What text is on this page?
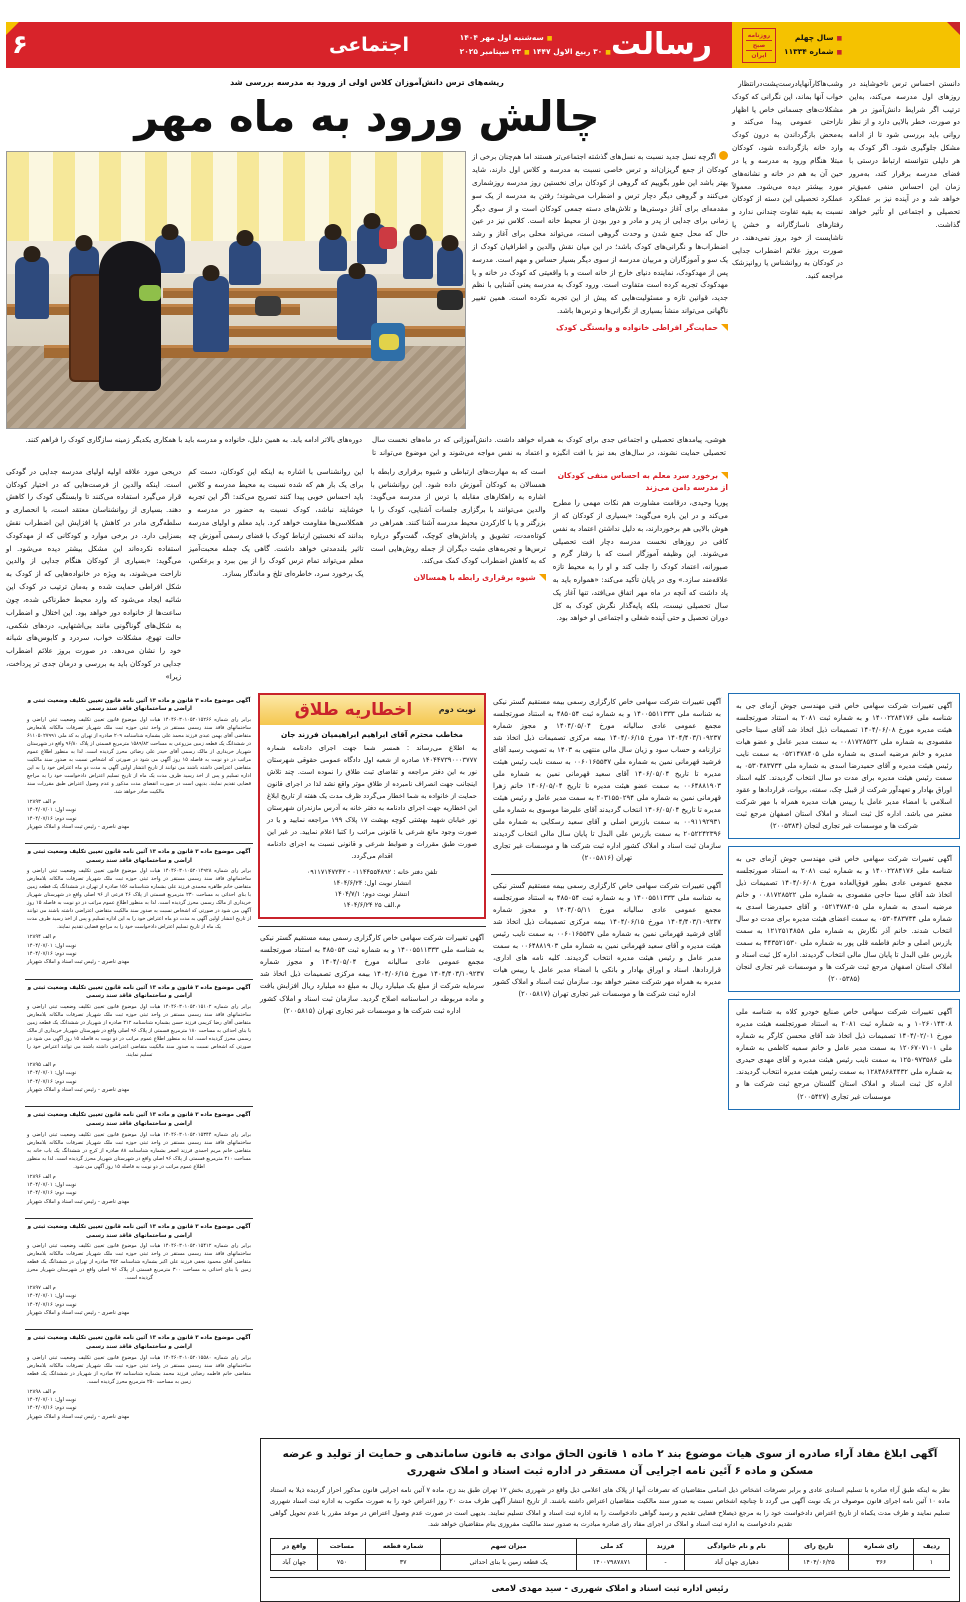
■سال چهلم
■شماره ۱۱۳۳۴
روزنامه
صبح
ایران
رسالت
اجتماعی	■سه‌شنبه اول مهر ۱۴۰۴
■۳۰ ربیع الاول ۱۴۴۷ ■۲۳ سپتامبر ۲۰۲۵
۶
دانستن احساس ترس ناخوشایند در روزهای اول مدرسه می‌کند، به‌این ترتیب اگر شرایط دانش‌آموز در هر دو صورت، خطر بالایی دارد و از نظر روانی باید بررسی شود تا از ادامه مشکل جلوگیری شود. اگر کودک به هر دلیلی نتوانسته ارتباط درستی با فضای مدرسه برقرار کند، به‌مرور زمان این احساس منفی عمیق‌تر خواهد شد و در آینده نیز بر عملکرد تحصیلی و اجتماعی او تأثیر خواهد گذاشت.
وشب‌هاکارآنهایادرست‌پشت‌درانتظار خواب آنها بماند، این نگرانی که کودک مشکلات‌های جسمانی خاص یا اظهار ناراحتی عمومی پیدا می‌کند و به‌محض بازگرداندن به درون کودک وارد خانه بازگردانده شود، کودکان مبتلا هنگام ورود به مدرسه و یا در حین آن به هم در خانه و نشانه‌های مورد بیشتر دیده می‌شود. معمولاً عملکرد تحصیلی این دسته از کودکان نسبت به بقیه تفاوت چندانی ندارد و رفتارهای ناسازگارانه و خشن یا ناشایست از خود بروز نمی‌دهند. در صورت بروز علائم اضطراب جدایی در کودکان به روانشناس یا روانپزشک مراجعه کنید.
ریشه‌های ترس دانش‌آموزان کلاس اولی از ورود به مدرسه بررسی شد
چالش ورود به ماه مهر
اگرچه نسل جدید نسبت به نسل‌های گذشته اجتماعی‌تر هستند اما هم‌چنان برخی از کودکان از جمع گریزان‌اند و ترس خاصی نسبت به مدرسه و کلاس اول دارند، شاید بهتر باشد این طور بگوییم که گروهی از کودکان برای نخستین روز مدرسه روزشماری می‌کنند و گروهی دیگر دچار ترس و اضطراب می‌شوند؛ رفتن به مدرسه از یک سو مقدمه‌ای برای آغاز دوستی‌ها و تلاش‌های دسته جمعی کودکان است و از سوی دیگر زمانی برای جدایی از پدر و مادر و دور بودن از محیط خانه است. کلاس نیز در عین حال که محل جمع شدن و وحدت گروهی است، می‌تواند محلی برای آغاز و رشد اضطراب‌ها و نگرانی‌های کودک باشد؛ در این میان نقش والدین و اطرافیان کودک از یک سو و آموزگاران و مربیان مدرسه از سوی دیگر بسیار حساس و مهم است. مدرسه پس از مهدکودک، نماینده دنیای خارج از خانه است و با واقعیتی که کودک در خانه و یا مهدکودک تجربه کرده است متفاوت است. ورود کودک به مدرسه یعنی آشنایی با نظم جدید، قوانین تازه و مسئولیت‌هایی که پیش از این تجربه نکرده است. همین تغییر ناگهانی می‌تواند منشأ بسیاری از نگرانی‌ها و ترس‌ها باشد.
حمایت‌گر افراطی خانواده و وابستگی کودک
هوشی، پیامدهای تحصیلی و اجتماعی جدی برای کودک به همراه خواهد داشت. دانش‌آموزانی که در ماه‌های نخست سال تحصیلی حمایت نشوند، در سال‌های بعد نیز با افت انگیزه و اعتماد به نفس مواجه می‌شوند و این موضوع می‌تواند تا دوره‌های بالاتر ادامه یابد. به همین دلیل، خانواده و مدرسه باید با همکاری یکدیگر زمینه سازگاری کودک را فراهم کنند.
برخورد سرد معلم به احساس منفی کودکان از مدرسه دامن می‌زند
پوریا وحیدی، درقامت مشاورت هم نکات مهمی را مطرح می‌کند و در این باره می‌گوید: «بسیاری از کودکان که از هوش بالایی هم برخوردارند، به دلیل نداشتن اعتماد به نفس کافی در روزهای نخست مدرسه دچار افت تحصیلی می‌شوند. این وظیفه آموزگار است که با رفتار گرم و صبورانه، اعتماد کودک را جلب کند و او را به محیط تازه علاقه‌مند سازد.» وی در پایان تأکید می‌کند: «همواره باید به یاد داشت که آنچه در ماه مهر اتفاق می‌افتد، تنها آغاز یک سال تحصیلی نیست، بلکه پایه‌گذار نگرش کودک به کل دوران تحصیل و حتی آینده شغلی و اجتماعی او خواهد بود.
است که به مهارت‌های ارتباطی و شیوه برقراری رابطه با همسالان به کودکان آموزش داده شود. این روانشناس با اشاره به راهکارهای مقابله با ترس از مدرسه می‌گوید: والدین می‌توانند با برگزاری جلسات آشنایی، کودک را با بزرگتر و یا با کارکردن محیط مدرسه آشنا کنند. همراهی در کوتاه‌مدت، تشویق و پاداش‌های کوچک، گفت‌وگو درباره ترس‌ها و تجربه‌های مثبت دیگران از جمله روش‌هایی است که به کاهش اضطراب کودک کمک می‌کند.
شیوه برقراری رابطه با همسالان
این روانشناسی با اشاره به اینکه این کودکان، دست کم برای یک بار هم که شده نسبت به محیط مدرسه و کلاس باید احساس خوبی پیدا کنند تصریح می‌کند: اگر این تجربه خوشایند نباشد، کودک نسبت به حضور در مدرسه و همکلاسی‌ها مقاومت خواهد کرد. باید معلم و اولیای مدرسه بدانند که نخستین ارتباط کودک با فضای رسمی آموزش چه تاثیر بلندمدتی خواهد داشت. گاهی یک جمله محبت‌آمیز معلم می‌تواند تمام ترس کودک را از بین ببرد و برعکس، یک برخورد سرد، خاطره‌ای تلخ و ماندگار بسازد.
دریحی مورد علاقه اولیه اولیای مدرسه جدایی در گودکی است. اینکه والدین از فرصت‌هایی که در اختیار کودکان قرار می‌گیرد استفاده می‌کنند تا وابستگی کودک را کاهش دهند. بسیاری از روانشناسان معتقد است، با انحصاری و سلطه‌گری مادر در کاهش یا افزایش این اضطراب نقش بسزایی دارد. در برخی موارد و کودکانی که از مهدکودک استفاده نکرده‌اند این مشکل بیشتر دیده می‌شود. او می‌گوید: «بسیاری از کودکان هنگام جدایی از والدین ناراحت می‌شوند، به ویژه در خانواده‌هایی که از کودک به شکل افراطی حمایت شده و به‌مان ترتیب در کودک این شائبه ایجاد می‌شود که وارد محیط خطرناکی شده، چون ساعت‌ها از خانواده دور خواهد بود. این اختلال و اضطراب به شکل‌های گوناگونی مانند بی‌اشتهایی، دردهای شکمی، حالت تهوع، مشکلات خواب، سردرد و کابوس‌های شبانه خود را نشان می‌دهد. در صورت بروز علائم اضطراب جدایی در کودکان باید به بررسی و درمان جدی تر پرداخت، زیرا»
آگهی تغییرات شرکت سهامی خاص فنی مهندسی جوش آزمای جی به شناسه ملی ۱۴۰۰۲۲۸۴۱۷۶ و به شماره ثبت ۲۰۸۱ به استناد صورتجلسه هیئت مدیره مورخ ۱۴۰۴/۰۶/۰۸ تصمیمات ذیل اتخاذ شد آقای سینا حاجی مقصودی به شماره ملی ۰۰۸۱۷۲۸۵۲۲ به سمت مدیر عامل و عضو هیات مدیره و خانم مرضیه اسدی به شماره ملی ۰۵۲۱۴۷۸۴۰۵ به سمت نایب رئیس هیئت مدیره و آقای حمیدرضا اسدی به شماره ملی ۰۵۳۰۴۸۳۷۳۴ به سمت رئیس هیئت مدیره برای مدت دو سال انتخاب گردیدند. کلیه اسناد اوراق بهادار و تعهدآور شرکت از قبیل چک، سفته، بروات، قراردادها و عقود اسلامی با امضاء مدیر عامل یا رییس هیات مدیره همراه با مهر شرکت معتبر می باشد. اداره کل ثبت اسناد و املاک استان اصفهان مرجع ثبت شرکت ها و موسسات غیر تجاری لنجان (۲۰۰۵۳۸۴)
آگهی تغییرات شرکت سهامی خاص فنی مهندسی جوش آزمای جی به شناسه ملی ۱۴۰۰۲۲۸۴۱۷۶ و به شماره ثبت ۲۰۸۱ به استناد صورتجلسه مجمع عمومی عادی بطور فوق‌العاده مورخ ۱۴۰۴/۰۶/۰۸ تصمیمات ذیل اتخاذ شد آقای سینا حاجی مقصودی به شماره ملی ۰۰۸۱۷۲۸۵۲۲ و خانم مرضیه اسدی به شماره ملی ۰۵۲۱۴۷۸۴۰۵ و آقای حمیدرضا اسدی به شماره ملی ۰۵۳۰۴۸۳۷۳۴ به سمت اعضای هیئت مدیره برای مدت دو سال انتخاب شدند. خانم آذر نگارش به شماره ملی ۱۲۱۲۵۱۴۸۵۸ به سمت بازرس اصلی و خانم فاطمه قلی پور به شماره ملی ۴۴۳۵۲۱۵۳۰ به سمت بازرس علی البدل تا پایان سال مالی انتخاب گردیدند. اداره کل ثبت اسناد و املاک استان اصفهان مرجع ثبت شرکت ها و موسسات غیر تجاری لنجان (۲۰۰۵۳۸۵)
آگهی تغییرات شرکت سهامی خاص صنایع خودرو کلاه به شناسه ملی ۱۰۲۶۰۱۴۳۰۸ و به شماره ثبت ۲۰۸۱ به استناد صورتجلسه هیئت مدیره مورخ ۱۴۰۴/۰۲/۰۱ تصمیمات ذیل اتخاذ شد آقای محسن کارگر به شماره ملی ۱۲۰۶۷۰۷۱۰۱ به سمت مدیر عامل و خانم سمیه کاظمی به شماره ملی ۱۲۵۰۹۷۳۵۸۶ به سمت نایب رئیس هیئت مدیره و آقای مهدی حیدری به شماره ملی ۱۲۸۴۸۶۸۴۴۳۲ به سمت رئیس هیئت مدیره انتخاب گردیدند. اداره کل ثبت اسناد و املاک استان گلستان مرجع ثبت شرکت ها و موسسات غیر تجاری (۲۰۰۵۴۲۷)
آگهی تغییرات شرکت سهامی خاص کارگزاری رسمی بیمه مستقیم گستر نیکی به شناسه ملی ۱۴۰۰۵۵۱۱۳۳۳ و به شماره ثبت ۴۸۵۰۵۴ به استناد صورتجلسه مجمع عمومی عادی سالیانه مورخ ۱۴۰۴/۰۵/۰۴ و مجوز شماره ۱۴۰۴/۴۰۳/۱۰۹۲۳۷ مورخ ۱۴۰۴/۰۶/۱۵ بیمه مرکزی تصمیمات ذیل اتخاذ شد ترازنامه و حساب سود و زیان سال مالی منتهی به ۱۴۰۳ به تصویب رسید آقای فرشید قهرمانی نمین به شماره ملی ۰۰۶۰۱۶۵۵۳۷ به سمت نایب رئیس هیئت مدیره تا تاریخ ۱۴۰۶/۰۵/۰۴ آقای سعید قهرمانی نمین به شماره ملی ۰۰۶۴۸۸۱۹۰۳ به سمت عضو هیئت مدیره تا تاریخ ۱۴۰۶/۰۵/۰۴ خانم زهرا قهرمانی نمین به شماره ملی ۲۰۳۱۵۵۰۲۹۴ به سمت مدیر عامل و رئیس هیئت مدیره تا تاریخ ۱۴۰۶/۰۵/۰۴ انتخاب گردیدند آقای علیرضا موسوی به شماره ملی ۰۰۹۱۱۹۲۹۳۱ به سمت بازرس اصلی و آقای سعید رسکایی به شماره ملی ۲۰۵۲۲۴۲۳۹۶ به سمت بازرس علی البدل تا پایان سال مالی انتخاب گردیدند سازمان ثبت اسناد و املاک کشور اداره ثبت شرکت ها و موسسات غیر تجاری تهران (۲۰۰۵۸۱۶)
آگهی تغییرات شرکت سهامی خاص کارگزاری رسمی بیمه مستقیم گستر نیکی به شناسه ملی ۱۴۰۰۵۵۱۱۳۳۳ و به شماره ثبت ۴۸۵۰۵۴ به استناد صورتجلسه مجمع عمومی عادی سالیانه مورخ ۱۴۰۴/۰۵/۱۱ و مجوز شماره ۱۴۰۴/۴۰۳/۱۰۹۲۳۷ مورخ ۱۴۰۴/۰۶/۱۵ بیمه مرکزی تصمیمات ذیل اتخاذ شد آقای فرشید قهرمانی نمین به شماره ملی ۰۰۶۰۱۶۵۵۳۷ به سمت نایب رئیس هیئت مدیره و آقای سعید قهرمانی نمین به شماره ملی ۰۰۶۴۸۸۱۹۰۳ به سمت مدیر عامل و رئیس هیئت مدیره انتخاب گردیدند. کلیه نامه های اداری، قراردادها، اسناد و اوراق بهادار و بانکی با امضاء مدیر عامل یا رییس هیات مدیره به همراه مهر شرکت معتبر خواهد بود. سازمان ثبت اسناد و املاک کشور اداره ثبت شرکت ها و موسسات غیر تجاری تهران (۲۰۰۵۸۱۷)
نوبت دوم
اخطاریه طلاق
مخاطب محترم آقای ابراهیم ابراهیمیان فرزند جان
به اطلاع می‌رساند : همسر شما جهت اجرای دادنامه شماره ۱۴۰۴۴۷۳۹۰۰۰۳۷۷۷ صادره از شعبه اول دادگاه عمومی حقوقی شهرستان نور به این دفتر مراجعه و تقاضای ثبت طلاق را نموده است. چند تلاش اینجانب جهت انصراف نامبرده از طلاق موثر واقع نشد لذا در اجرای قانون حمایت از خانواده به شما اخطار می‌گردد ظرف مدت یک هفته از تاریخ ابلاغ این اخطاریه جهت اجرای دادنامه به دفتر خانه به آدرس مازندران شهرستان نور خیابان شهید بهشتی کوچه بهشت ۱۷ پلاک ۱۹۹ مراجعه نمایید و یا در صورت وجود مانع شرعی یا قانونی مراتب را کتبا اعلام نمایید. در غیر این صورت طبق مقررات و ضوابط شرعی و قانونی نسبت به اجرای دادنامه اقدام می‌گردد.
تلفن دفتر خانه : ۰۱۱۴۴۵۵۴۸۹۲ - ۰۹۱۱۷۱۴۷۲۴۲
انتشار نوبت اول: ۱۴۰۴/۶/۲۴
انتشار نوبت دوم: ۱۴۰۴/۷/۱
م.الف ۲۵ ۱۴۰۴/۶/۲۴
آگهی تغییرات شرکت سهامی خاص کارگزاری رسمی بیمه مستقیم گستر نیکی به شناسه ملی ۱۴۰۰۵۵۱۱۳۳۳ و به شماره ثبت ۴۸۵۰۵۴ به استناد صورتجلسه مجمع عمومی عادی سالیانه مورخ ۱۴۰۴/۰۵/۰۴ و مجوز شماره ۱۴۰۴/۴۰۳/۱۰۹۲۳۷ مورخ ۱۴۰۴/۰۶/۱۵ بیمه مرکزی تصمیمات ذیل اتخاذ شد سرمایه شرکت از مبلغ یک میلیارد ریال به مبلغ ده میلیارد ریال افزایش یافت و ماده مربوطه در اساسنامه اصلاح گردید. سازمان ثبت اسناد و املاک کشور اداره ثبت شرکت ها و موسسات غیر تجاری تهران (۲۰۰۵۸۱۵)
آگهی موضوع ماده ۳ قانون و ماده ۱۳ آئین نامه قانون تعیین تکلیف وضعیت ثبتی و اراضی و ساختمانهای فاقد سند رسمی
برابر رای شماره ۱۴۰۴۶۰۳۰۱۰۵۲۰۱۵۲۶۶ هیات اول موضوع قانون تعیین تکلیف وضعیت ثبتی اراضی و ساختمانهای فاقد سند رسمی مستقر در واحد ثبتی حوزه ثبت ملک شهریار تصرفات مالکانه بلامعارض متقاضی آقای بهمن عبدی فرزند محمد علی بشماره شناسنامه ۲۰۹ صادره از تهران به کد ملی ۶۱۱۰۵۰۲۷۹۹۱ در ششدانگ یک قطعه زمین مزروعی به مساحت ۱۵۸۹/۸۲ مترمربع قسمتی از پلاک ۹۶/۸۰ واقع در شهرستان شهریار خریداری از مالک رسمی آقای حیدر علی رضائی محرز گردیده است. لذا به منظور اطلاع عموم مراتب در دو نوبت به فاصله ۱۵ روز آگهی می شود در صورتی که اشخاص نسبت به صدور سند مالکیت متقاضی اعتراضی داشته باشند می توانند از تاریخ انتشار اولین آگهی به مدت دو ماه اعتراض خود را به این اداره تسلیم و پس از اخذ رسید ظرف مدت یک ماه از تاریخ تسلیم اعتراض دادخواست خود را به مراجع قضایی تقدیم نمایند. بدیهی است در صورت انقضای مدت مذکور و عدم وصول اعتراض طبق مقررات سند مالکیت صادر خواهد شد.
م الف ۱۲۸۹۳
نوبت اول: ۱۴۰۴/۰۷/۰۱
نوبت دوم: ۱۴۰۴/۰۷/۱۶
مهدی ناصری - رئیس ثبت اسناد و املاک شهریار
آگهی موضوع ماده ۳ قانون و ماده ۱۳ آئین نامه قانون تعیین تکلیف وضعیت ثبتی و اراضی و ساختمانهای فاقد سند رسمی
برابر رای شماره ۱۴۰۴۶۰۳۰۱۰۵۲۰۱۴۹۲۸ هیات اول موضوع قانون تعیین تکلیف وضعیت ثبتی اراضی و ساختمانهای فاقد سند رسمی مستقر در واحد ثبتی حوزه ثبت ملک شهریار تصرفات مالکانه بلامعارض متقاضی خانم طاهره محمدی فرزند علی بشماره شناسنامه ۱۵۶ صادره از تهران در ششدانگ یک قطعه زمین با بنای احداثی به مساحت ۲۳۰ مترمربع قسمتی از پلاک ۴۶ فرعی از ۹۶ اصلی واقع در شهرستان شهریار خریداری از مالک رسمی محرز گردیده است. لذا به منظور اطلاع عموم مراتب در دو نوبت به فاصله ۱۵ روز آگهی می شود در صورتی که اشخاص نسبت به صدور سند مالکیت متقاضی اعتراضی داشته باشند می توانند از تاریخ انتشار اولین آگهی به مدت دو ماه اعتراض خود را به این اداره تسلیم و پس از اخذ رسید ظرف مدت یک ماه از تاریخ تسلیم اعتراض دادخواست خود را به مراجع قضایی تقدیم نمایند.
م الف ۱۲۸۹۴
نوبت اول: ۱۴۰۴/۰۷/۰۱
نوبت دوم: ۱۴۰۴/۰۷/۱۶
مهدی ناصری - رئیس ثبت اسناد و املاک شهریار
آگهی موضوع ماده ۳ قانون و ماده ۱۳ آئین نامه قانون تعیین تکلیف وضعیت ثبتی و اراضی و ساختمانهای فاقد سند رسمی
برابر رای شماره ۱۴۰۴۶۰۳۰۱۰۵۲۰۱۵۱۰۲ هیات اول موضوع قانون تعیین تکلیف وضعیت ثبتی اراضی و ساختمانهای فاقد سند رسمی مستقر در واحد ثبتی حوزه ثبت ملک شهریار تصرفات مالکانه بلامعارض متقاضی آقای رضا کریمی فرزند حسن بشماره شناسنامه ۳۱۲ صادره از شهریار در ششدانگ یک قطعه زمین با بنای احداثی به مساحت ۱۸۰ مترمربع قسمتی از پلاک ۹۶ اصلی واقع در شهرستان شهریار خریداری از مالک رسمی محرز گردیده است. لذا به منظور اطلاع عموم مراتب در دو نوبت به فاصله ۱۵ روز آگهی می شود در صورتی که اشخاص نسبت به صدور سند مالکیت متقاضی اعتراضی داشته باشند می توانند اعتراض خود را تسلیم نمایند.
م الف ۱۲۸۹۵
نوبت اول: ۱۴۰۴/۰۷/۰۱
نوبت دوم: ۱۴۰۴/۰۷/۱۶
مهدی ناصری - رئیس ثبت اسناد و املاک شهریار
آگهی موضوع ماده ۳ قانون و ماده ۱۳ آئین نامه قانون تعیین تکلیف وضعیت ثبتی و اراضی و ساختمانهای فاقد سند رسمی
برابر رای شماره ۱۴۰۴۶۰۳۰۱۰۵۲۰۱۵۳۴۴ هیات اول موضوع قانون تعیین تکلیف وضعیت ثبتی اراضی و ساختمانهای فاقد سند رسمی مستقر در واحد ثبتی حوزه ثبت ملک شهریار تصرفات مالکانه بلامعارض متقاضی خانم مریم احمدی فرزند اصغر بشماره شناسنامه ۸۸ صادره از کرج در ششدانگ یک باب خانه به مساحت ۲۱۰ مترمربع قسمتی از پلاک ۹۶ اصلی واقع در شهرستان شهریار محرز گردیده است. لذا به منظور اطلاع عموم مراتب در دو نوبت به فاصله ۱۵ روز آگهی می شود.
م الف ۱۲۸۹۶
نوبت اول: ۱۴۰۴/۰۷/۰۱
نوبت دوم: ۱۴۰۴/۰۷/۱۶
مهدی ناصری - رئیس ثبت اسناد و املاک شهریار
آگهی موضوع ماده ۳ قانون و ماده ۱۳ آئین نامه قانون تعیین تکلیف وضعیت ثبتی و اراضی و ساختمانهای فاقد سند رسمی
برابر رای شماره ۱۴۰۴۶۰۳۰۱۰۵۲۰۱۵۴۱۲ هیات اول موضوع قانون تعیین تکلیف وضعیت ثبتی اراضی و ساختمانهای فاقد سند رسمی مستقر در واحد ثبتی حوزه ثبت ملک شهریار تصرفات مالکانه بلامعارض متقاضی آقای محمود نجفی فرزند علی اکبر بشماره شناسنامه ۴۵۲ صادره از تهران در ششدانگ یک قطعه زمین با بنای احداثی به مساحت ۳۰۰ مترمربع قسمتی از پلاک ۹۶ اصلی واقع در شهرستان شهریار محرز گردیده است.
م الف ۱۲۸۹۷
نوبت اول: ۱۴۰۴/۰۷/۰۱
نوبت دوم: ۱۴۰۴/۰۷/۱۶
مهدی ناصری - رئیس ثبت اسناد و املاک شهریار
آگهی موضوع ماده ۳ قانون و ماده ۱۳ آئین نامه قانون تعیین تکلیف وضعیت ثبتی و اراضی و ساختمانهای فاقد سند رسمی
برابر رای شماره ۱۴۰۴۶۰۳۰۱۰۵۲۰۱۵۵۸۰ هیات اول موضوع قانون تعیین تکلیف وضعیت ثبتی اراضی و ساختمانهای فاقد سند رسمی مستقر در واحد ثبتی حوزه ثبت ملک شهریار تصرفات مالکانه بلامعارض متقاضی خانم فاطمه رضایی فرزند محمد بشماره شناسنامه ۷۷ صادره از شهریار در ششدانگ یک قطعه زمین به مساحت ۲۵۰ مترمربع محرز گردیده است.
م الف ۱۲۸۹۸
نوبت اول: ۱۴۰۴/۰۷/۰۱
نوبت دوم: ۱۴۰۴/۰۷/۱۶
مهدی ناصری - رئیس ثبت اسناد و املاک شهریار
آگهی ابلاغ مفاد آراء صادره از سوی هیات موضوع بند ۲ ماده ۱ قانون الحاق موادی به قانون ساماندهی و حمایت از تولید و عرضه مسکن و ماده ۶ آئین نامه اجرایی آن مستقر در اداره ثبت اسناد و املاک شهرری
نظر به اینکه طبق آراء صادره با تسلیم اسنادی عادی و برابر تصرفات اشخاص ذیل اسامی متقاضیان که تصرفات آنها از پلاک های اعلامی ذیل واقع در شهرری بخش ۱۲ تهران طبق بند زج، ماده ۷ آئین نامه اجرایی قانون مذکور احراز گردیده ذیلا به استناد ماده ۱۰ آئین نامه اجرای قانون موصوف در یک نوبت آگهی می گردد تا چنانچه اشخاص نسبت به صدور سند مالکیت متقاضیان اعتراض داشته باشند. از تاریخ انتشار آگهی ظرف مدت ۲۰ روز اعتراض خود را به صورت مکتوب به اداره ثبت اسناد شهرری تسلیم نمایند و ظرف مدت یکماه از تاریخ اعتراض دادخواست خود را به مرجع ذیصلاح قضایی تقدیم و رسید گواهی دادخواست را به اداره ثبت اسناد و املاک تسلیم نمایند. بدیهی است در صورت عدم وصول اعتراض در موعد مقرر یا عدم تحویل گواهی تقدیم دادخواست به اداره ثبت اسناد و املاک در اجرای مفاد رای صادره مبادرت به صدور سند مالکیت مفروزی بنام متقاضیان خواهد شد.
ردیف	رای شماره	تاریخ رای	نام و نام خانوادگی	فرزند	کد ملی	میزان سهم	شماره قطعه	مساحت	واقع در
۱	۳۶۶	۱۴۰۴/۰۶/۲۵	دهیاری جهان آباد	-	۱۴۰۰۷۹۸۷۸۷۱	یک قطعه زمین با بنای احداثی	۳۷	۷۵۰	جهان آباد
رئیس اداره ثبت اسناد و املاک شهرری - سید مهدی لامعی
